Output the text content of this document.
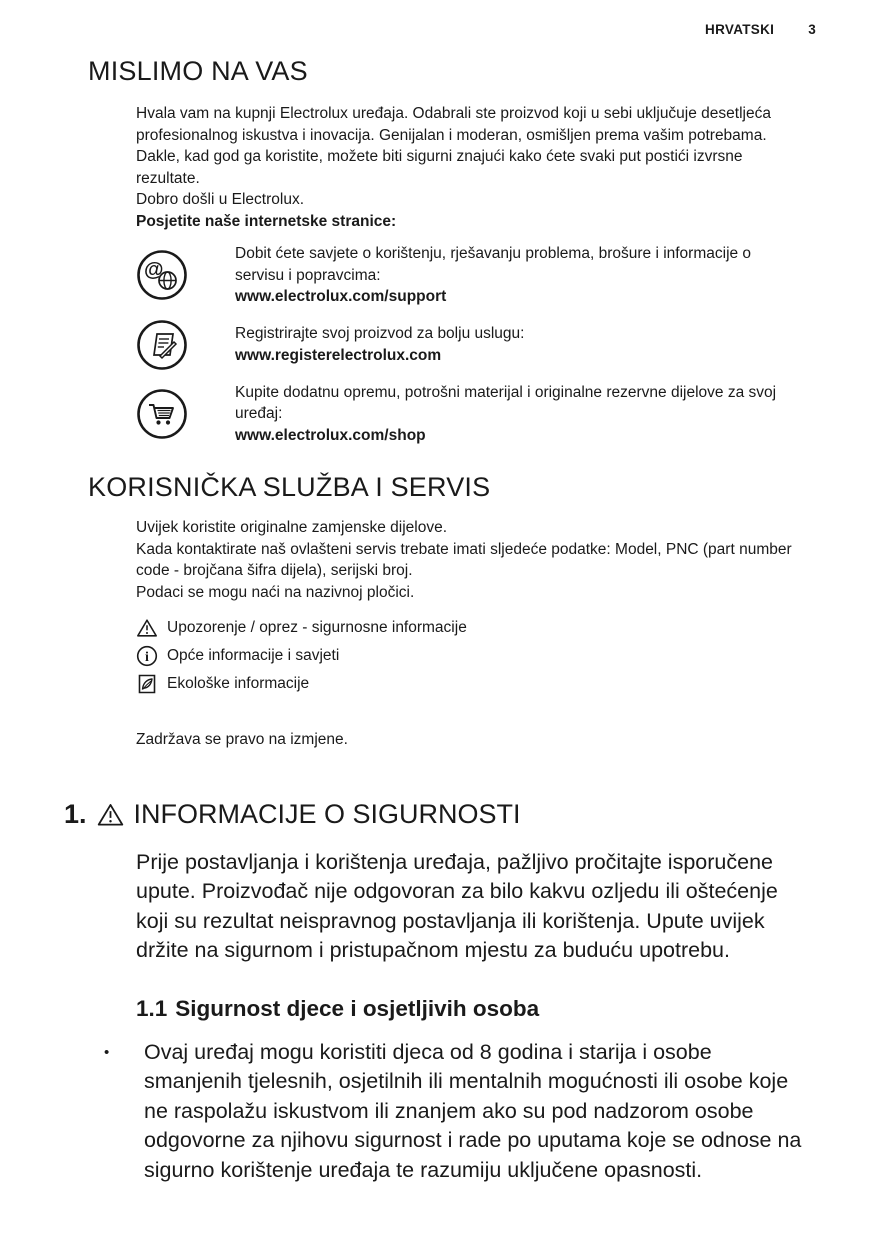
HRVATSKI	3
MISLIMO NA VAS

Hvala vam na kupnji Electrolux uređaja. Odabrali ste proizvod koji u sebi uključuje desetljeća profesionalnog iskustva i inovacija. Genijalan i moderan, osmišljen prema vašim potrebama. Dakle, kad god ga koristite, možete biti sigurni znajući kako ćete svaki put postići izvrsne rezultate.

Dobro došli u Electrolux.

Posjetite naše internetske stranice:

@
Dobit ćete savjete o korištenju, rješavanju problema, brošure i informacije o servisu i popravcima:
www.electrolux.com/support
Registrirajte svoj proizvod za bolju uslugu:
www.registerelectrolux.com
Kupite dodatnu opremu, potrošni materijal i originalne rezervne dijelove za svoj uređaj:
www.electrolux.com/shop
KORISNIČKA SLUŽBA I SERVIS

Uvijek koristite originalne zamjenske dijelove.

Kada kontaktirate naš ovlašteni servis trebate imati sljedeće podatke: Model, PNC (part number code - brojčana šifra dijela), serijski broj.

Podaci se mogu naći na nazivnoj pločici.

Upozorenje / oprez - sigurnosne informacije
i Opće informacije i savjeti
Ekološke informacije

Zadržava se pravo na izmjene.

1. INFORMACIJE O SIGURNOSTI

Prije postavljanja i korištenja uređaja, pažljivo pročitajte isporučene upute. Proizvođač nije odgovoran za bilo kakvu ozljedu ili oštećenje koji su rezultat neispravnog postavljanja ili korištenja. Upute uvijek držite na sigurnom i pristupačnom mjestu za buduću upotrebu.

1.1 Sigurnost djece i osjetljivih osoba
•	Ovaj uređaj mogu koristiti djeca od 8 godina i starija i osobe smanjenih tjelesnih, osjetilnih ili mentalnih mogućnosti ili osobe koje ne raspolažu iskustvom ili znanjem ako su pod nadzorom osobe odgovorne za njihovu sigurnost i rade po uputama koje se odnose na sigurno korištenje uređaja te razumiju uključene opasnosti.
